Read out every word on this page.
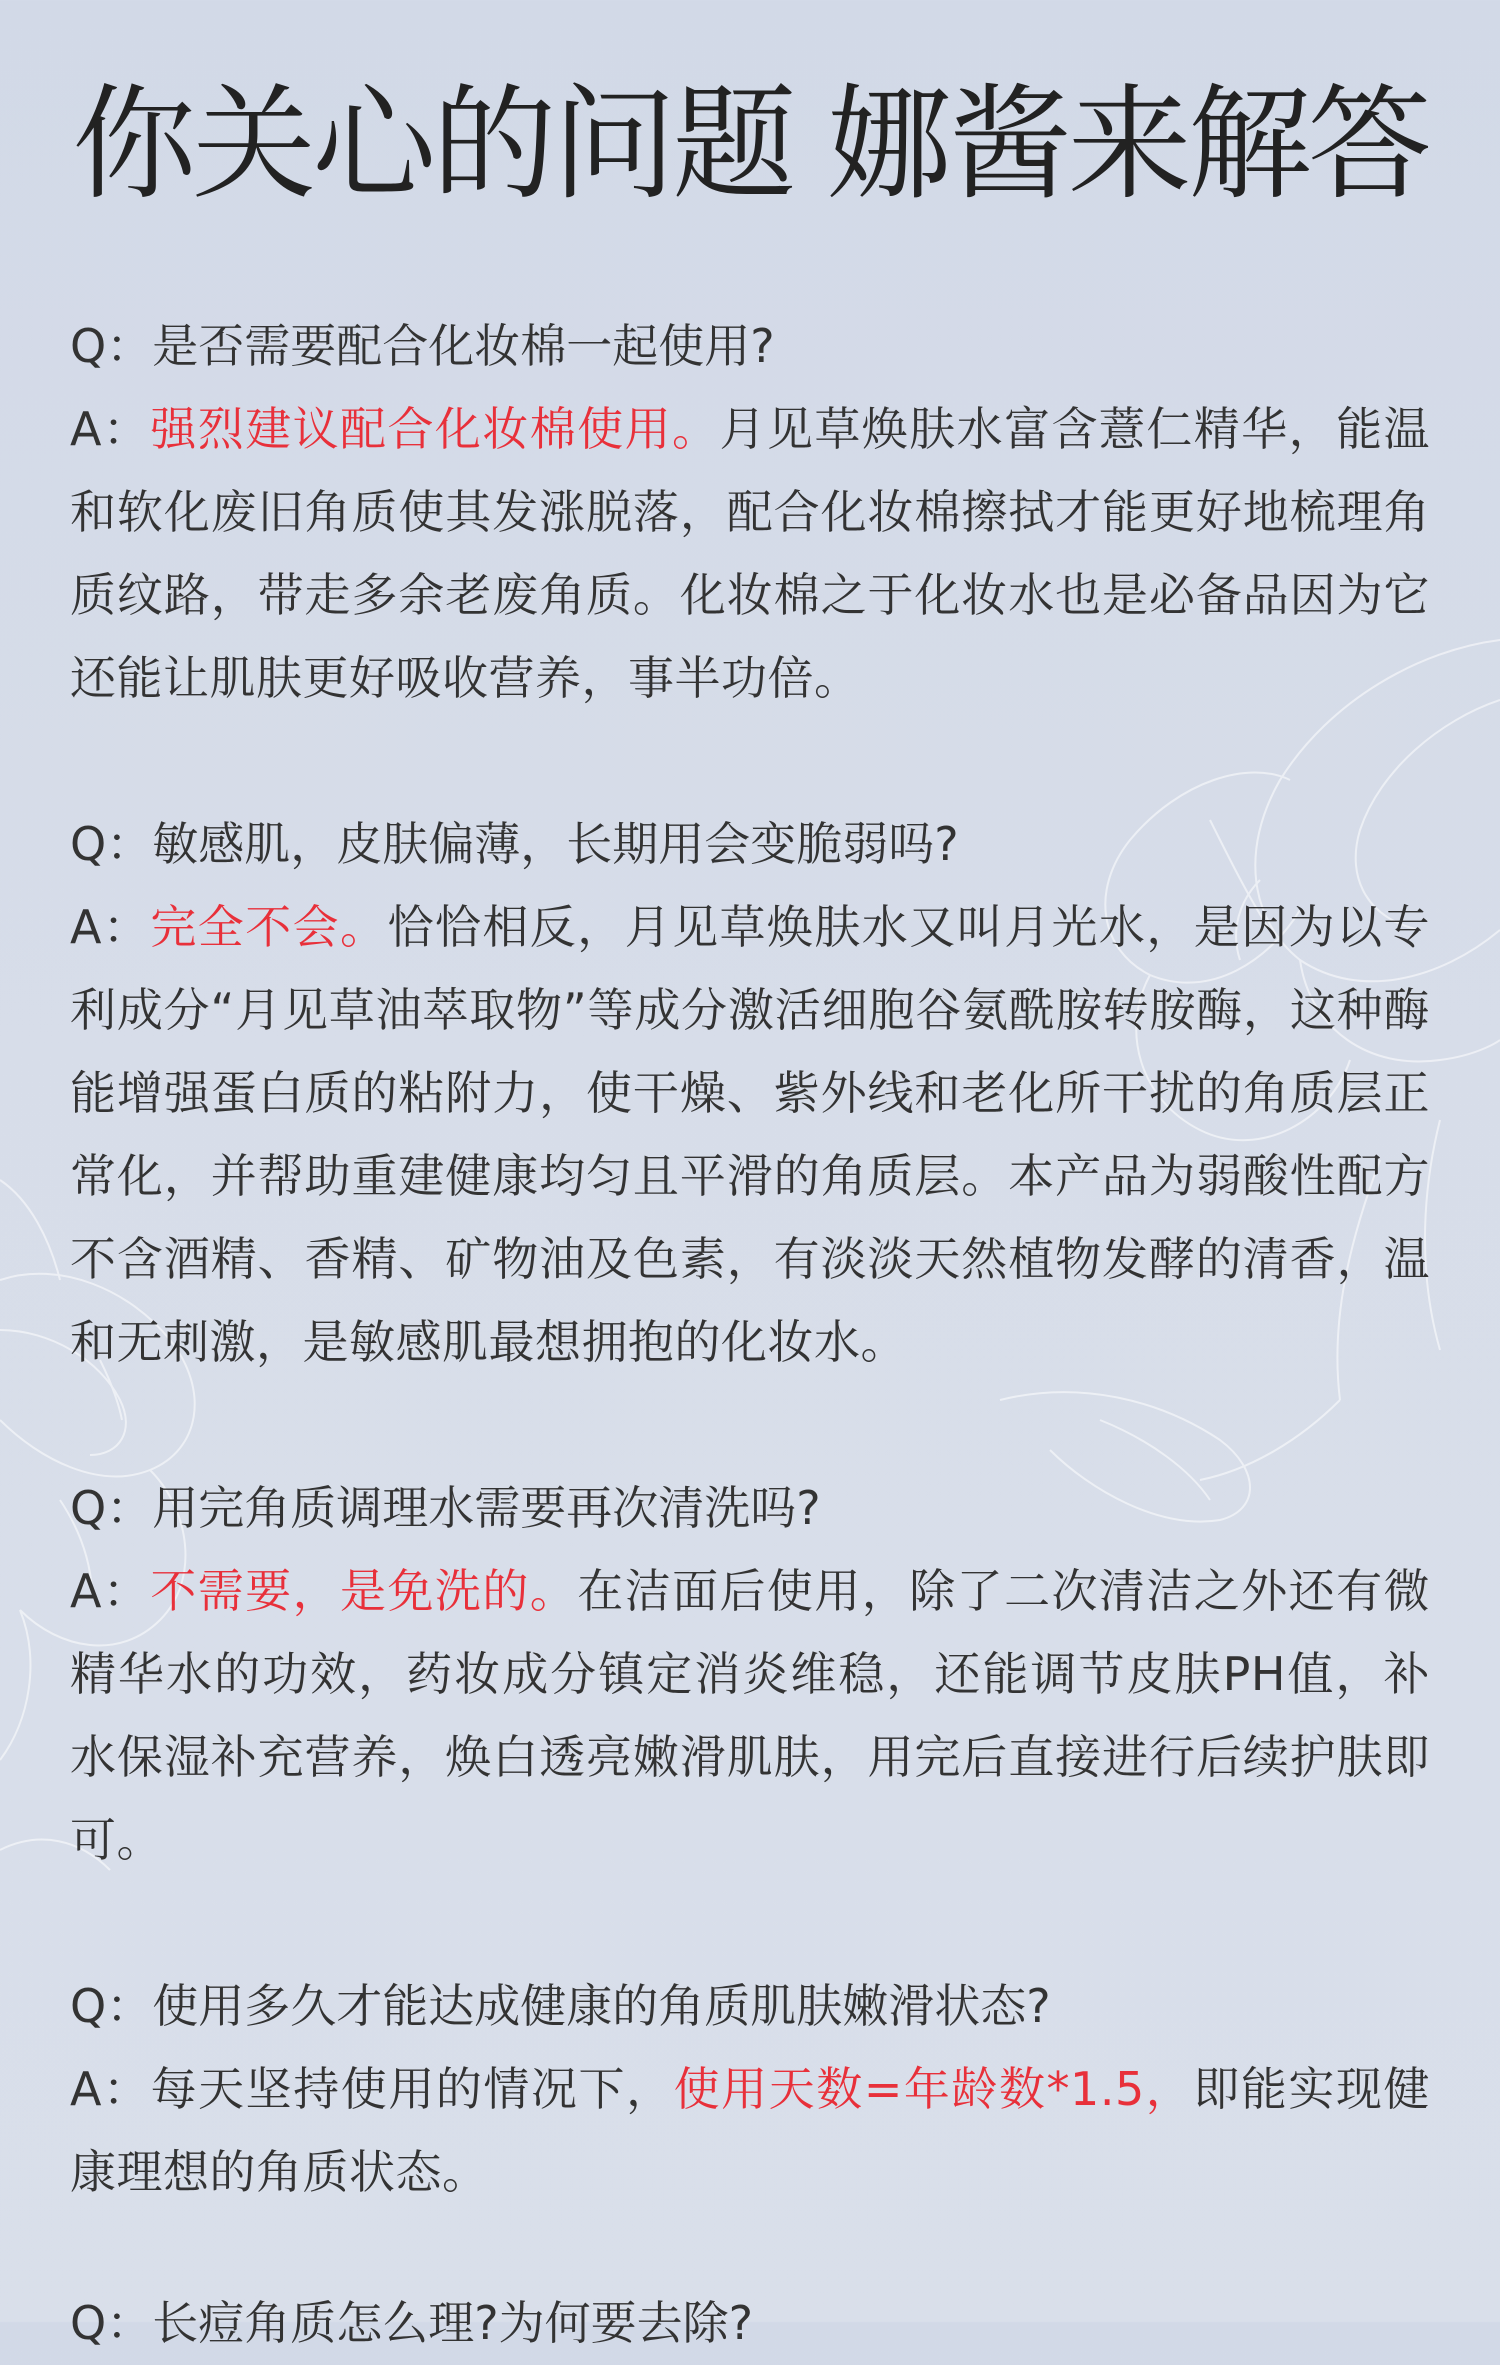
你关心的问题 娜酱来解答

Q：是否需要配合化妆棉一起使用?

A：强烈建议配合化妆棉使用。月见草焕肤水富含薏仁精华，能温和软化废旧角质使其发涨脱落，配合化妆棉擦拭才能更好地梳理角质纹路，带走多余老废角质。化妆棉之于化妆水也是必备品因为它还能让肌肤更好吸收营养，事半功倍。

Q：敏感肌，皮肤偏薄，长期用会变脆弱吗?

A：完全不会。恰恰相反，月见草焕肤水又叫月光水，是因为以专利成分“月见草油萃取物”等成分激活细胞谷氨酰胺转胺酶，这种酶能增强蛋白质的粘附力，使干燥、紫外线和老化所干扰的角质层正常化，并帮助重建健康均匀且平滑的角质层。本产品为弱酸性配方不含酒精、香精、矿物油及色素，有淡淡天然植物发酵的清香，温和无刺激，是敏感肌最想拥抱的化妆水。

Q：用完角质调理水需要再次清洗吗?

A：不需要，是免洗的。在洁面后使用，除了二次清洁之外还有微精华水的功效，药妆成分镇定消炎维稳，还能调节皮肤PH值，补水保湿补充营养，焕白透亮嫩滑肌肤，用完后直接进行后续护肤即可。

Q：使用多久才能达成健康的角质肌肤嫩滑状态?

A：每天坚持使用的情况下，使用天数=年龄数*1.5，即能实现健康理想的角质状态。

Q：长痘角质怎么理?为何要去除?
